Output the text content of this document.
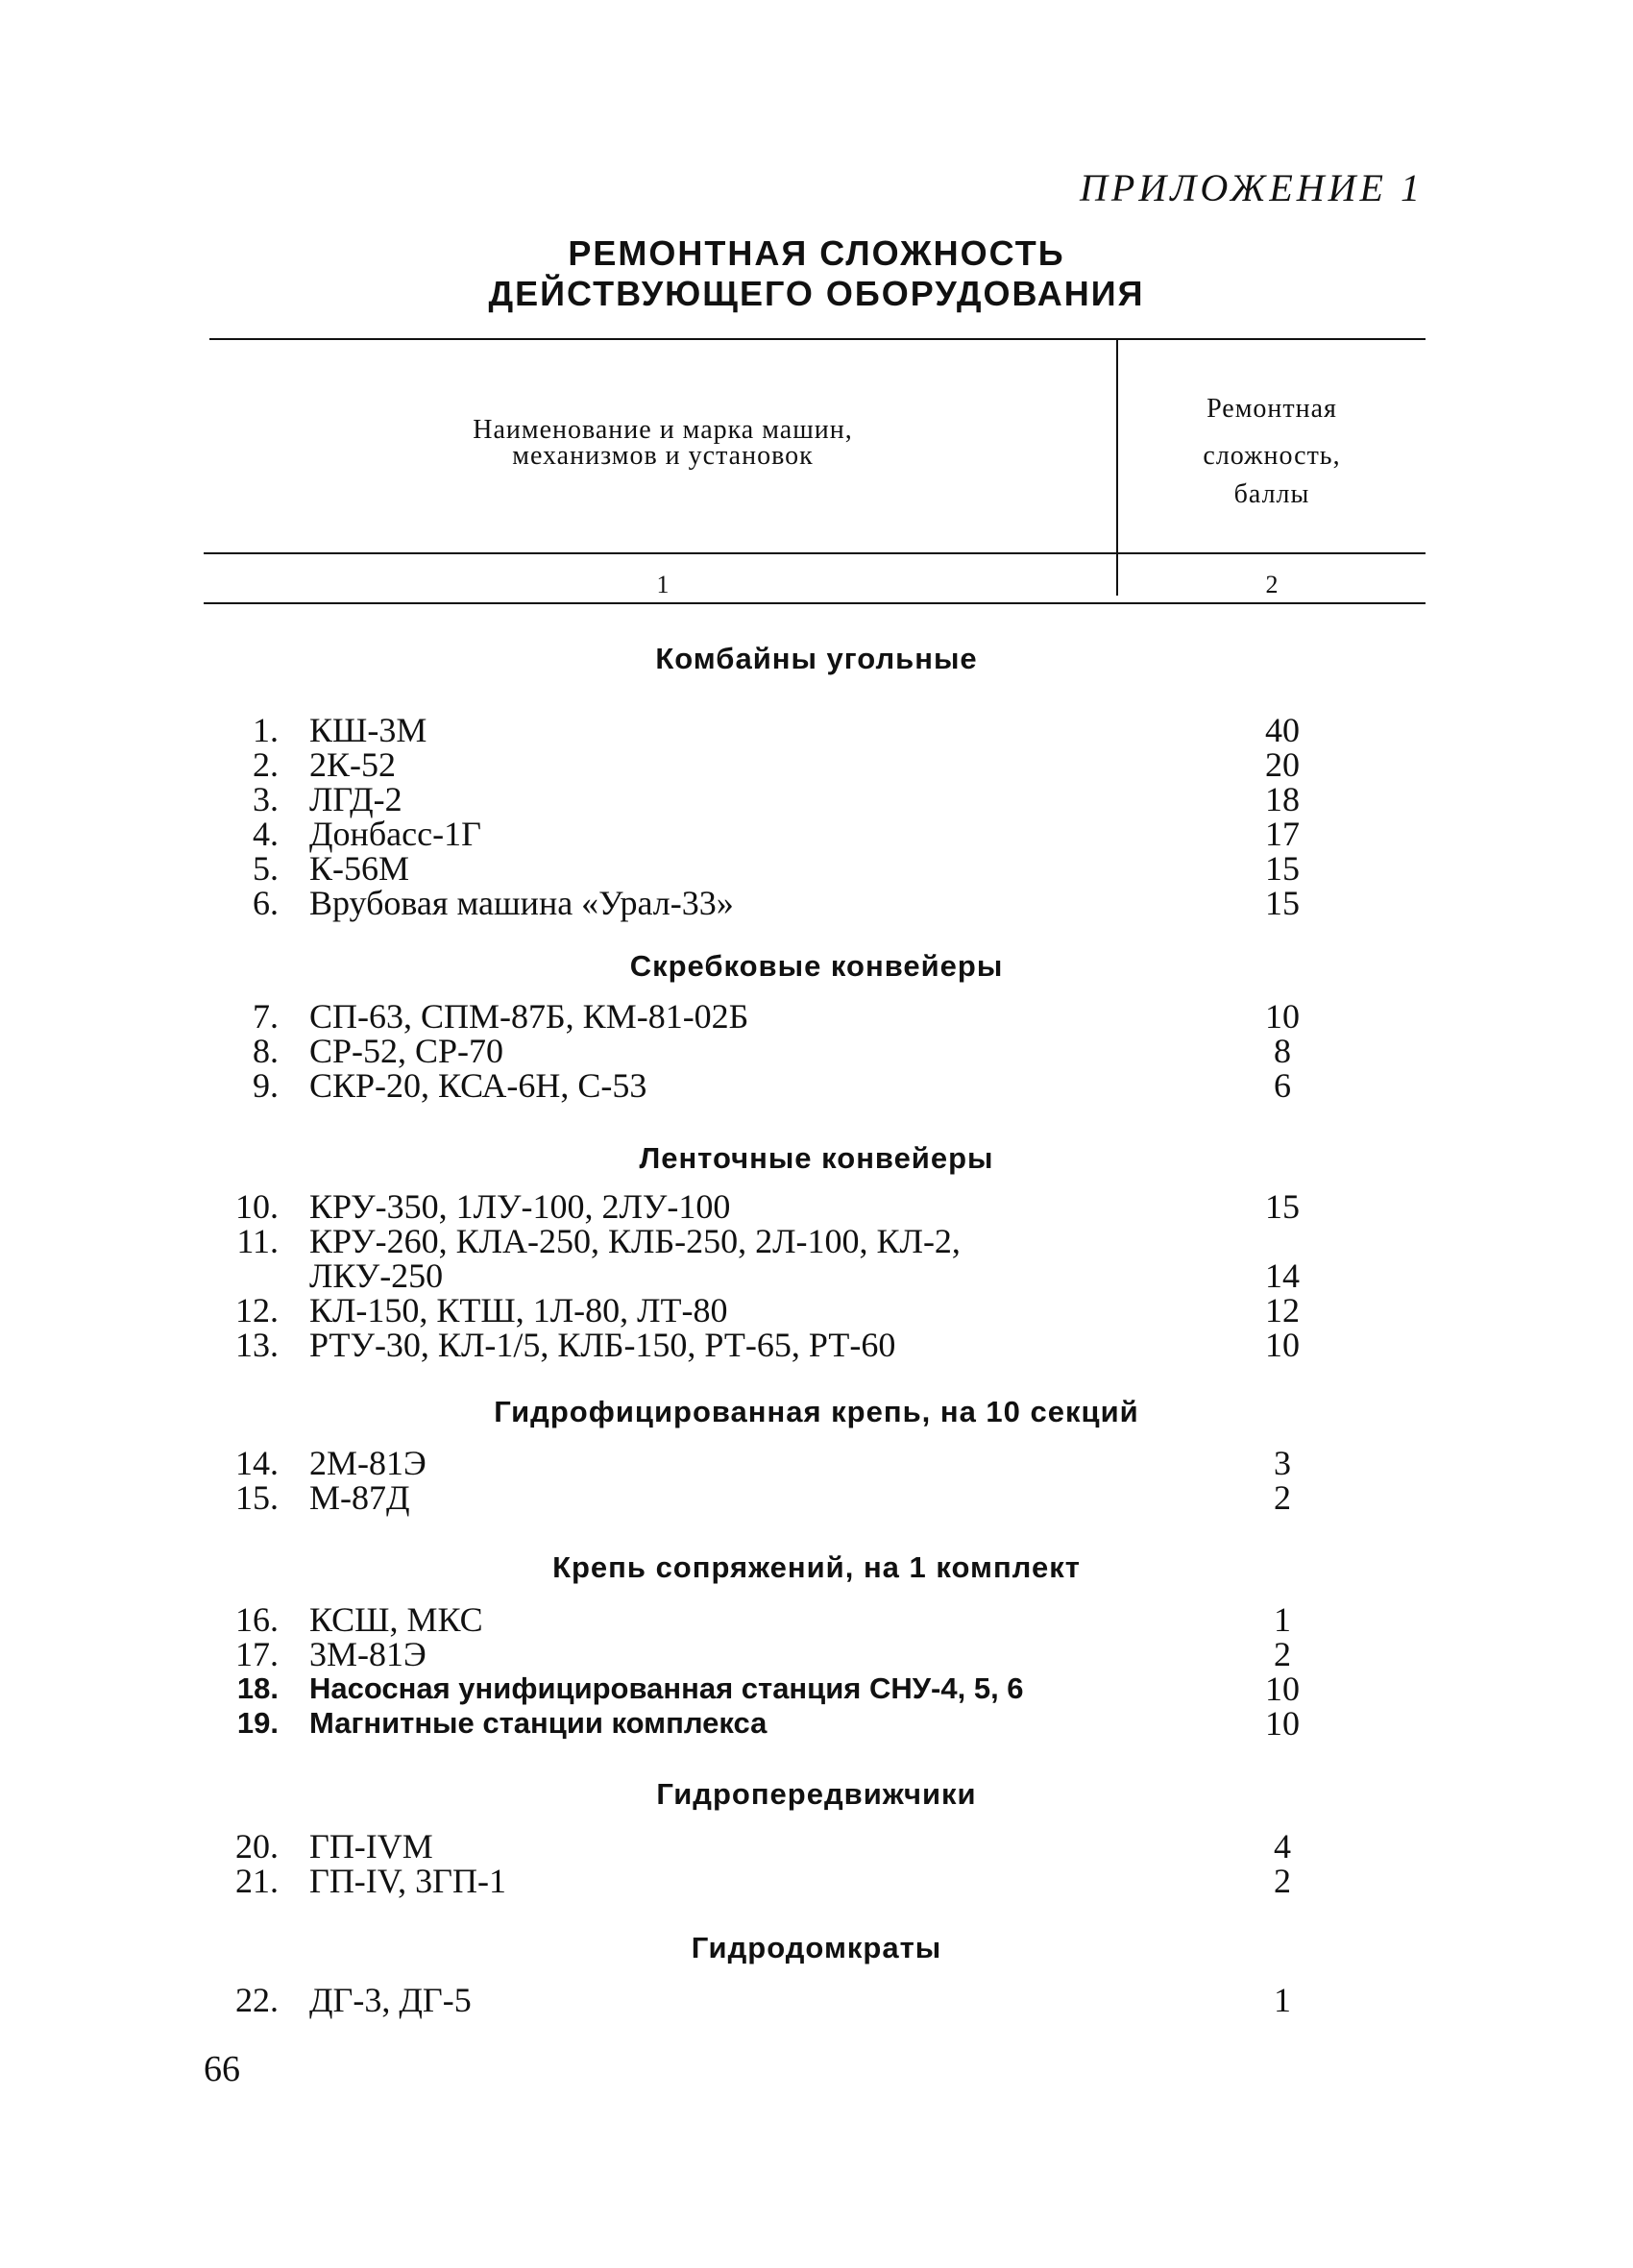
ПРИЛОЖЕНИЕ 1
РЕМОНТНАЯ СЛОЖНОСТЬ
ДЕЙСТВУЮЩЕГО ОБОРУДОВАНИЯ
Наименование и марка машин,
механизмов и установок
Ремонтная
сложность,
баллы
1	2
Комбайны угольные
Скребковые конвейеры
Ленточные конвейеры
Гидрофицированная крепь, на 10 секций
Крепь сопряжений, на 1 комплект
Гидропередвижчики
Гидродомкраты
1. КШ-3М	40
2. 2К-52	20
3. ЛГД-2	18
4. Донбасс-1Г	17
5. К-56М	15
6. Врубовая машина «Урал-33»	15
7. СП-63, СПМ-87Б, КМ-81-02Б	10
8. СР-52, СР-70	8
9. СКР-20, КСА-6Н, С-53	6
10. КРУ-350, 1ЛУ-100, 2ЛУ-100	15
11. КРУ-260, КЛА-250, КЛБ-250, 2Л-100, КЛ-2,
ЛКУ-250	14
12. КЛ-150, КТШ, 1Л-80, ЛТ-80	12
13. РТУ-30, КЛ-1/5, КЛБ-150, РТ-65, РТ-60	10
14. 2М-81Э	3
15. М-87Д	2
16. КСШ, МКС	1
17. 3М-81Э	2
18. Насосная унифицированная станция СНУ-4, 5, 6	10
19. Магнитные станции комплекса	10
20. ГП-IVМ	4
21. ГП-IV, 3ГП-1	2
22. ДГ-3, ДГ-5	1
66
